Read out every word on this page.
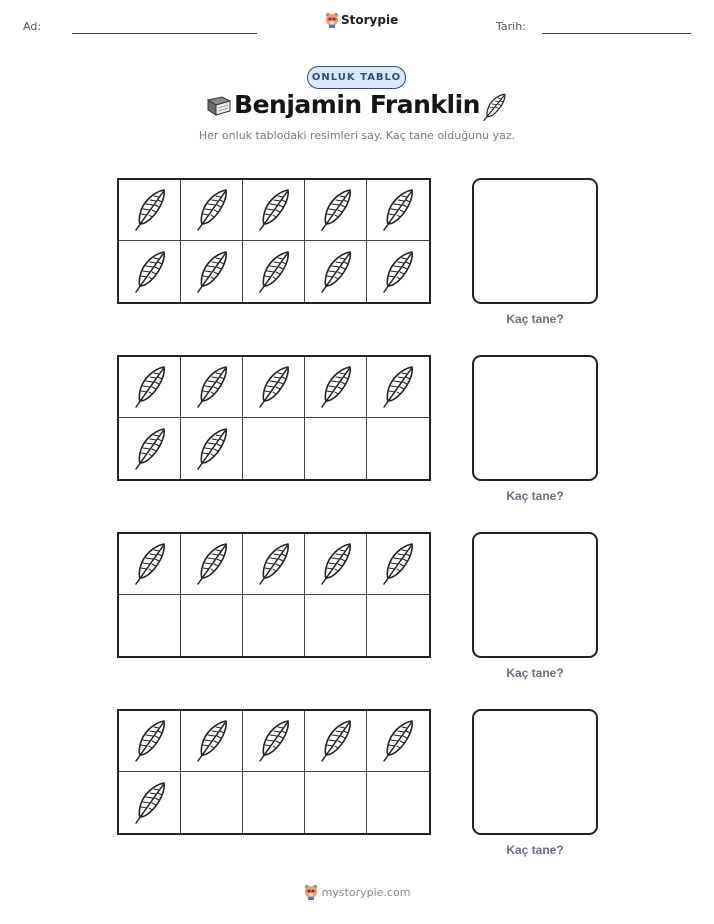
Ad:	Storypie	Tarih:
ONLUK TABLO
Benjamin Franklin
Her onluk tablodaki resimleri say. Kaç tane olduğunu yaz.
Kaç tane?
Kaç tane?
Kaç tane?
Kaç tane?
mystorypie.com
